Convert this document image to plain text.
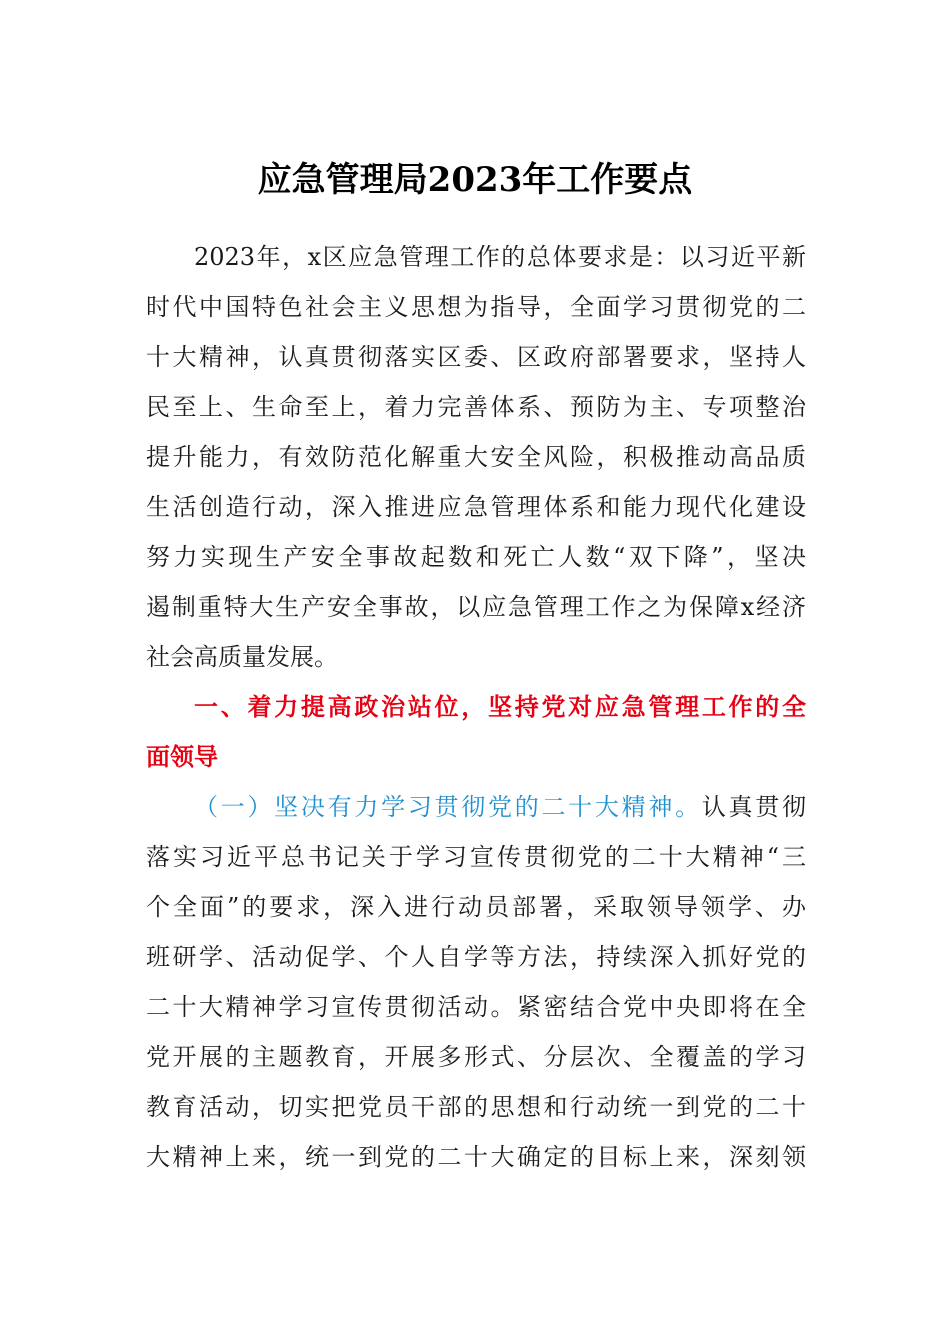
应急管理局2023年工作要点

2023年，x区应急管理工作的总体要求是：以习近平新

时代中国特色社会主义思想为指导，全面学习贯彻党的二

十大精神，认真贯彻落实区委、区政府部署要求，坚持人

民至上、生命至上，着力完善体系、预防为主、专项整治

提升能力，有效防范化解重大安全风险，积极推动高品质

生活创造行动，深入推进应急管理体系和能力现代化建设

努力实现生产安全事故起数和死亡人数“双下降”，坚决

遏制重特大生产安全事故，以应急管理工作之为保障x经济

社会高质量发展。

一、着力提高政治站位，坚持党对应急管理工作的全

面领导

（一）坚决有力学习贯彻党的二十大精神。认真贯彻

落实习近平总书记关于学习宣传贯彻党的二十大精神“三

个全面”的要求，深入进行动员部署，采取领导领学、办

班研学、活动促学、个人自学等方法，持续深入抓好党的

二十大精神学习宣传贯彻活动。紧密结合党中央即将在全

党开展的主题教育，开展多形式、分层次、全覆盖的学习

教育活动，切实把党员干部的思想和行动统一到党的二十

大精神上来，统一到党的二十大确定的目标上来，深刻领
